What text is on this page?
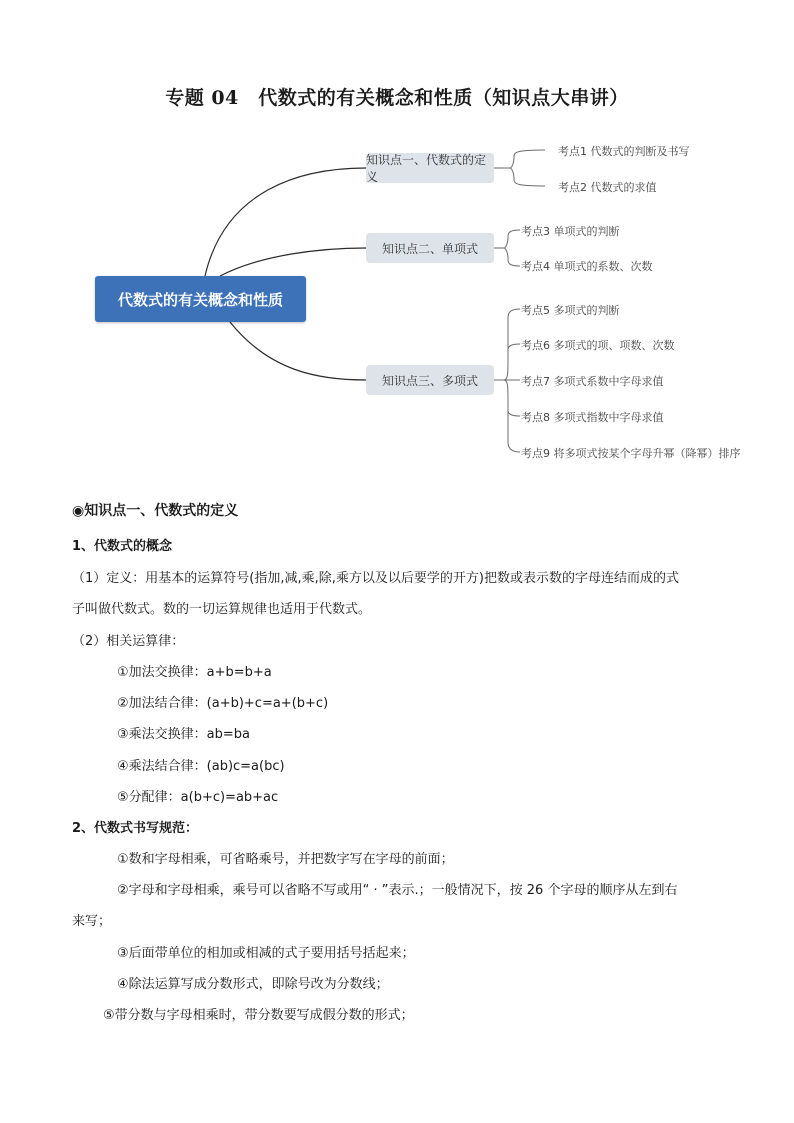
专题 04　代数式的有关概念和性质（知识点大串讲）
代数式的有关概念和性质
知识点一、代数式的定义
知识点二、单项式
知识点三、多项式
考点1 代数式的判断及书写
考点2 代数式的求值
考点3 单项式的判断
考点4 单项式的系数、次数
考点5 多项式的判断
考点6 多项式的项、项数、次数
考点7 多项式系数中字母求值
考点8 多项式指数中字母求值
考点9 将多项式按某个字母升幂（降幂）排序
◉知识点一、代数式的定义
1、代数式的概念
（1）定义：用基本的运算符号(指加,减,乘,除,乘方以及以后要学的开方)把数或表示数的字母连结而成的式
子叫做代数式。数的一切运算规律也适用于代数式。
（2）相关运算律：
①加法交换律：a+b=b+a
②加法结合律：(a+b)+c=a+(b+c)
③乘法交换律：ab=ba
④乘法结合律：(ab)c=a(bc)
⑤分配律：a(b+c)=ab+ac
2、代数式书写规范：
①数和字母相乘，可省略乘号，并把数字写在字母的前面；
②字母和字母相乘，乘号可以省略不写或用“ · ”表示.；一般情况下，按 26 个字母的顺序从左到右
来写；
③后面带单位的相加或相减的式子要用括号括起来；
④除法运算写成分数形式，即除号改为分数线；
⑤带分数与字母相乘时，带分数要写成假分数的形式；
